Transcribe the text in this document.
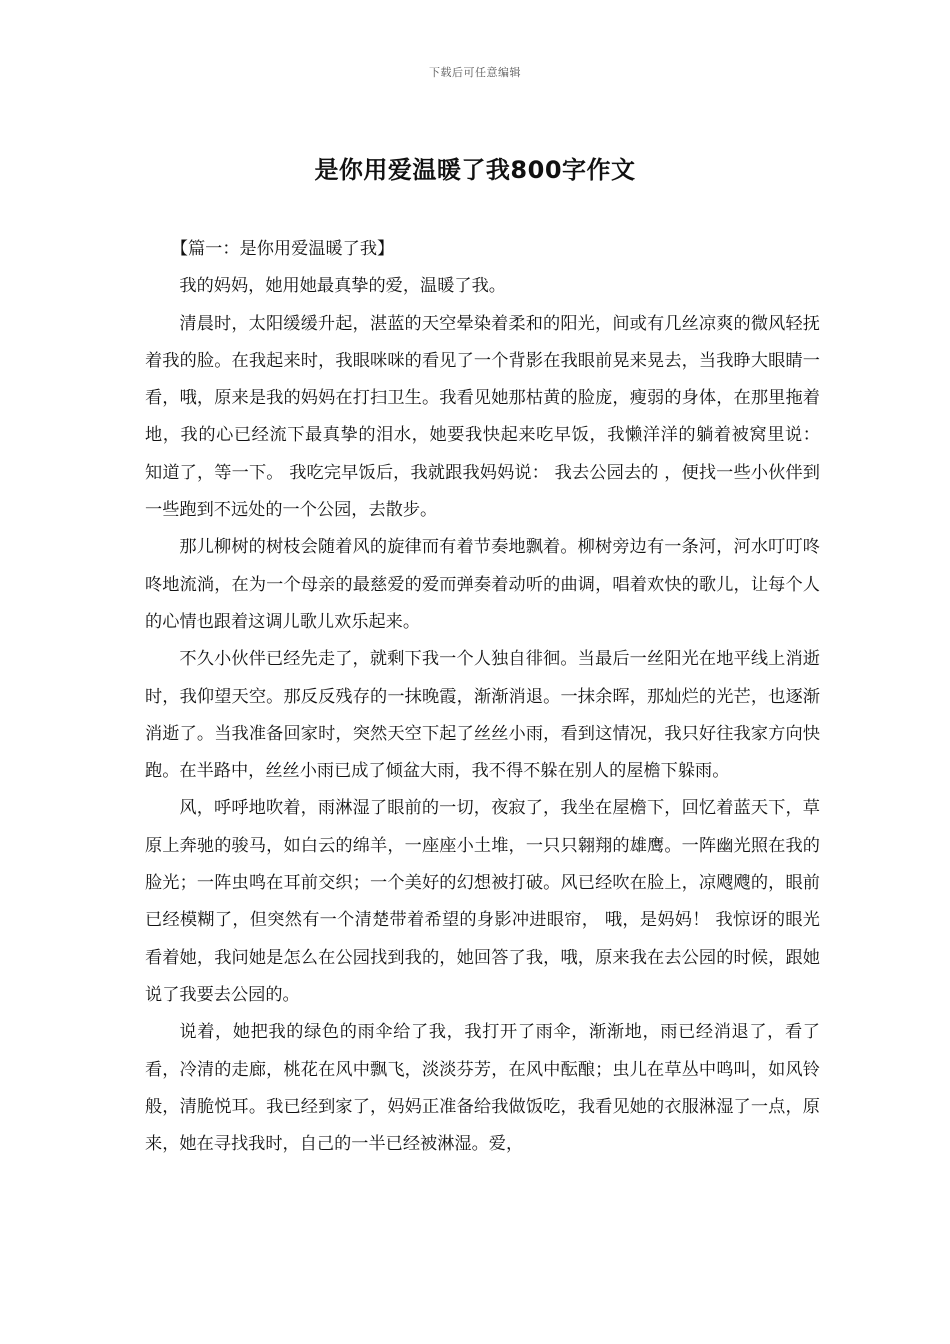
下载后可任意编辑
是你用爱温暖了我800字作文

【篇一：是你用爱温暖了我】

我的妈妈，她用她最真挚的爱，温暖了我。

清晨时，太阳缓缓升起，湛蓝的天空晕染着柔和的阳光，间或有几丝凉爽的微风轻抚着我的脸。在我起来时，我眼咪咪的看见了一个背影在我眼前晃来晃去，当我睁大眼睛一看，哦，原来是我的妈妈在打扫卫生。我看见她那枯黄的脸庞，瘦弱的身体，在那里拖着地，我的心已经流下最真挚的泪水，她要我快起来吃早饭，我懒洋洋的躺着被窝里说： 知道了，等一下。 我吃完早饭后，我就跟我妈妈说： 我去公园去的 ，便找一些小伙伴到一些跑到不远处的一个公园，去散步。

那儿柳树的树枝会随着风的旋律而有着节奏地飘着。柳树旁边有一条河，河水叮叮咚咚地流淌，在为一个母亲的最慈爱的爱而弹奏着动听的曲调，唱着欢快的歌儿，让每个人的心情也跟着这调儿歌儿欢乐起来。

不久小伙伴已经先走了，就剩下我一个人独自徘徊。当最后一丝阳光在地平线上消逝时，我仰望天空。那反反残存的一抹晚霞，渐渐消退。一抹余晖，那灿烂的光芒，也逐渐消逝了。当我准备回家时，突然天空下起了丝丝小雨，看到这情况，我只好往我家方向快跑。在半路中，丝丝小雨已成了倾盆大雨，我不得不躲在别人的屋檐下躲雨。

风，呼呼地吹着，雨淋湿了眼前的一切，夜寂了，我坐在屋檐下，回忆着蓝天下，草原上奔驰的骏马，如白云的绵羊，一座座小土堆，一只只翱翔的雄鹰。一阵幽光照在我的脸光；一阵虫鸣在耳前交织；一个美好的幻想被打破。风已经吹在脸上，凉飕飕的，眼前已经模糊了，但突然有一个清楚带着希望的身影冲进眼帘， 哦，是妈妈！ 我惊讶的眼光看着她，我问她是怎么在公园找到我的，她回答了我，哦，原来我在去公园的时候，跟她说了我要去公园的。

说着，她把我的绿色的雨伞给了我，我打开了雨伞，渐渐地，雨已经消退了，看了看，冷清的走廊，桃花在风中飘飞，淡淡芬芳，在风中酝酿；虫儿在草丛中鸣叫，如风铃般，清脆悦耳。我已经到家了，妈妈正准备给我做饭吃，我看见她的衣服淋湿了一点，原来，她在寻找我时，自己的一半已经被淋湿。爱，
